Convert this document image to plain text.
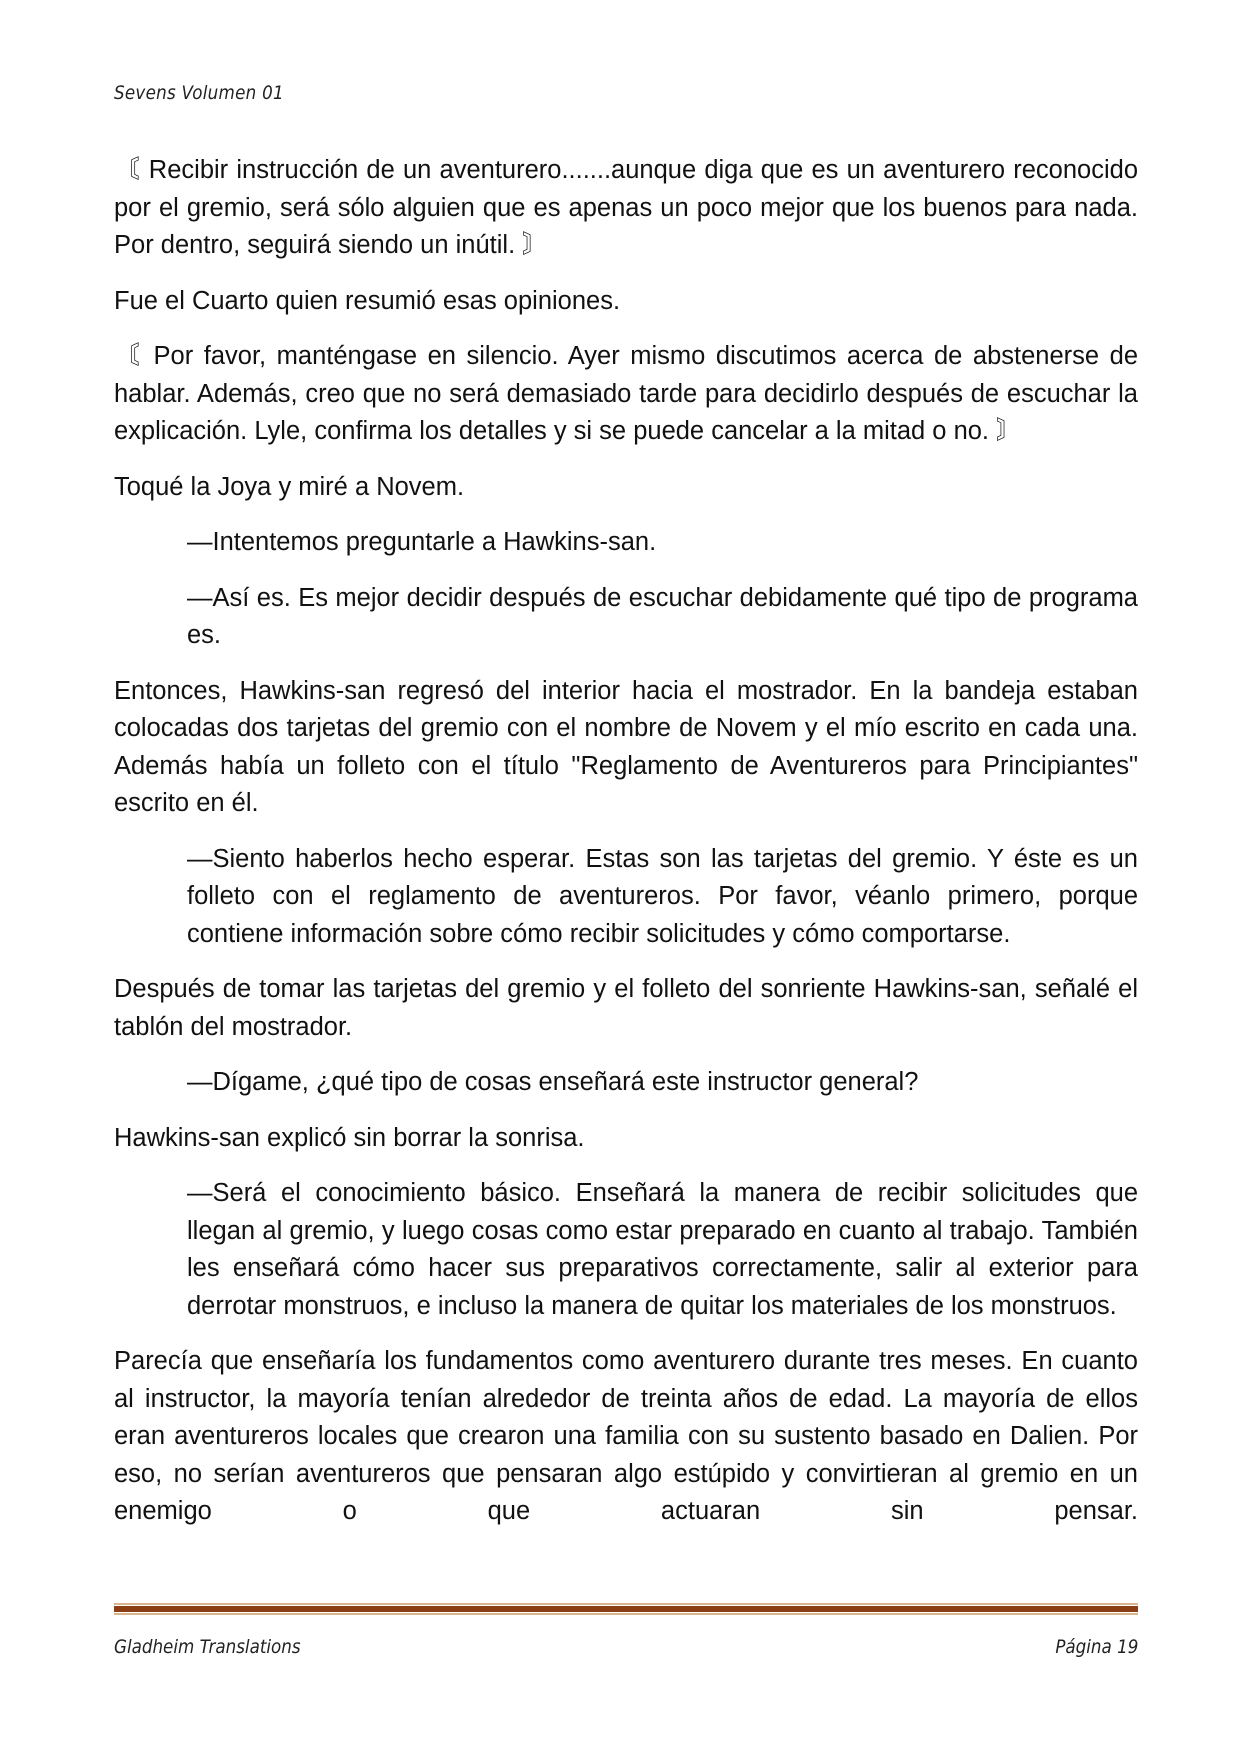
Sevens Volumen 01

〘 Recibir instrucción de un aventurero.......aunque diga que es un aventurero reconocido por el gremio, será sólo alguien que es apenas un poco mejor que los buenos para nada. Por dentro, seguirá siendo un inútil. 〙

Fue el Cuarto quien resumió esas opiniones.

〘 Por favor, manténgase en silencio. Ayer mismo discutimos acerca de abstenerse de hablar. Además, creo que no será demasiado tarde para decidirlo después de escuchar la explicación. Lyle, confirma los detalles y si se puede cancelar a la mitad o no. 〙

Toqué la Joya y miré a Novem.

—Intentemos preguntarle a Hawkins-san.

—Así es. Es mejor decidir después de escuchar debidamente qué tipo de programa es.

Entonces, Hawkins-san regresó del interior hacia el mostrador. En la bandeja estaban colocadas dos tarjetas del gremio con el nombre de Novem y el mío escrito en cada una. Además había un folleto con el título "Reglamento de Aventureros para Principiantes" escrito en él.

—Siento haberlos hecho esperar. Estas son las tarjetas del gremio. Y éste es un folleto con el reglamento de aventureros. Por favor, véanlo primero, porque contiene información sobre cómo recibir solicitudes y cómo comportarse.

Después de tomar las tarjetas del gremio y el folleto del sonriente Hawkins-san, señalé el tablón del mostrador.

—Dígame, ¿qué tipo de cosas enseñará este instructor general?

Hawkins-san explicó sin borrar la sonrisa.

—Será el conocimiento básico. Enseñará la manera de recibir solicitudes que llegan al gremio, y luego cosas como estar preparado en cuanto al trabajo. También les enseñará cómo hacer sus preparativos correctamente, salir al exterior para derrotar monstruos, e incluso la manera de quitar los materiales de los monstruos.

Parecía que enseñaría los fundamentos como aventurero durante tres meses. En cuanto al instructor, la mayoría tenían alrededor de treinta años de edad. La mayoría de ellos eran aventureros locales que crearon una familia con su sustento basado en Dalien. Por eso, no serían aventureros que pensaran algo estúpido y convirtieran al gremio en un enemigo o que actuaran sin pensar.

Gladheim Translations	Página 19
